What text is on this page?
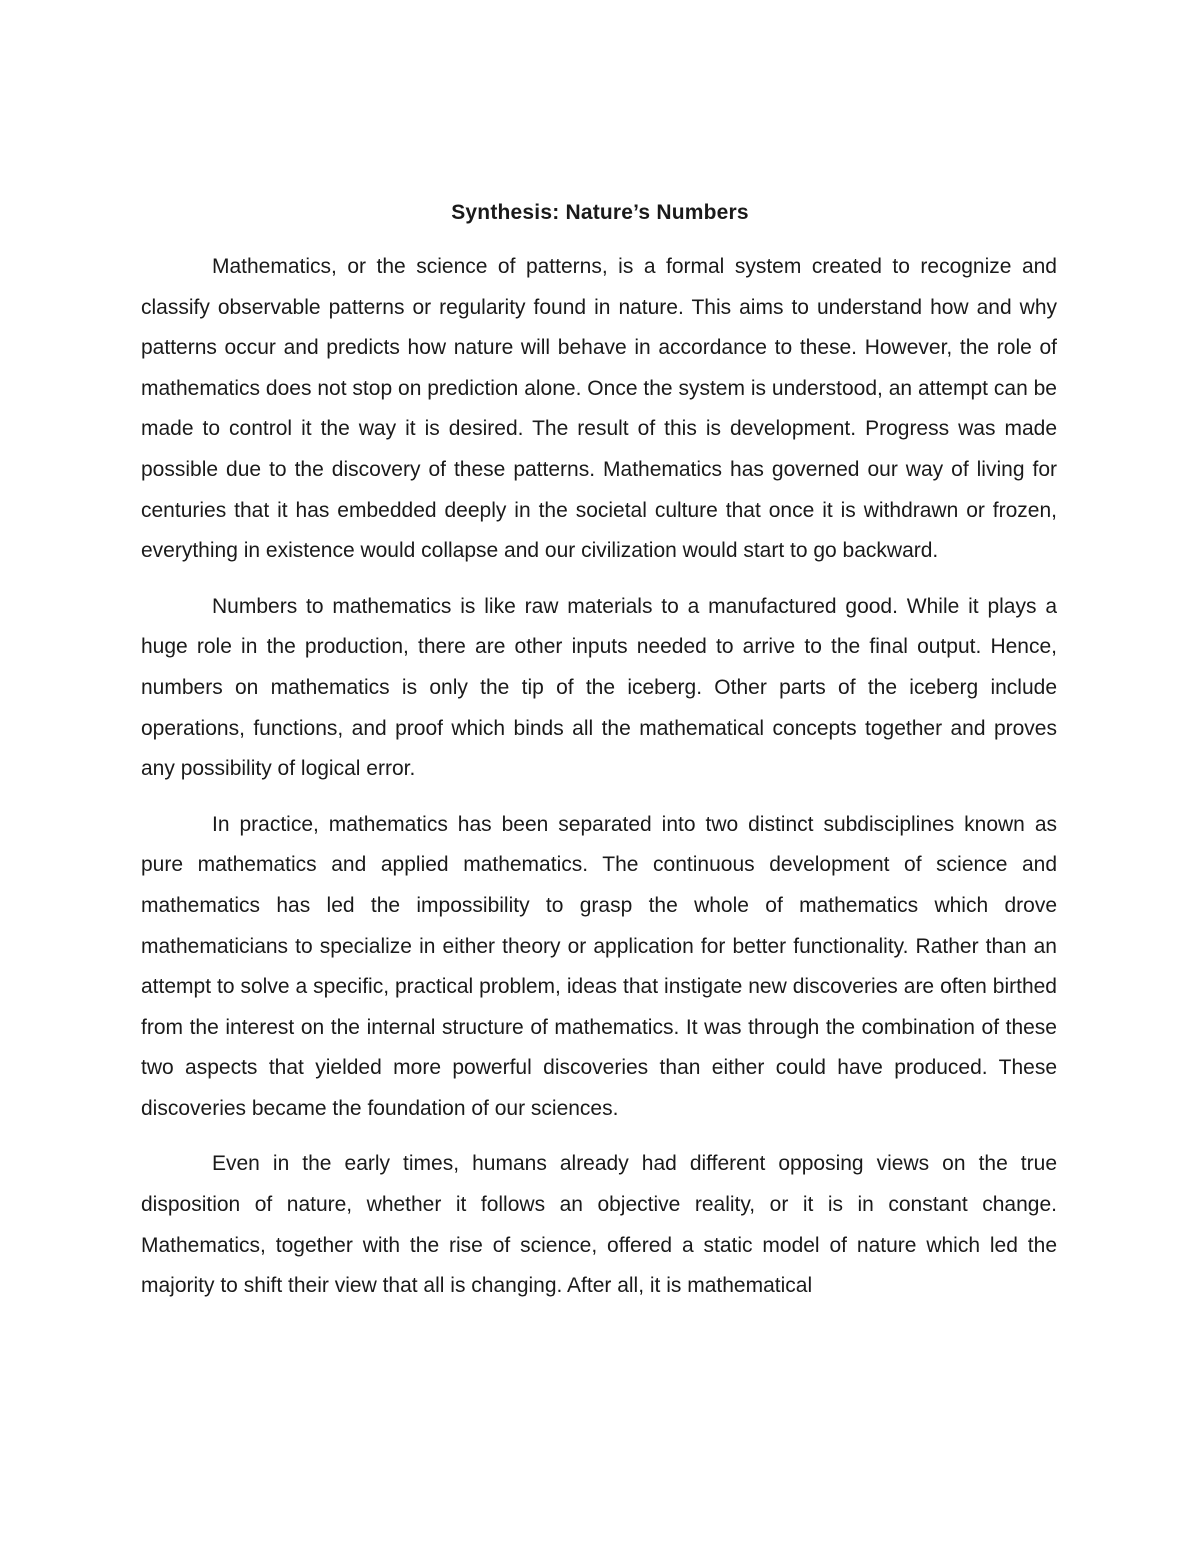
Synthesis: Nature’s Numbers

Mathematics, or the science of patterns, is a formal system created to recognize and classify observable patterns or regularity found in nature. This aims to understand how and why patterns occur and predicts how nature will behave in accordance to these. However, the role of mathematics does not stop on prediction alone. Once the system is understood, an attempt can be made to control it the way it is desired. The result of this is development. Progress was made possible due to the discovery of these patterns. Mathematics has governed our way of living for centuries that it has embedded deeply in the societal culture that once it is withdrawn or frozen, everything in existence would collapse and our civilization would start to go backward.

Numbers to mathematics is like raw materials to a manufactured good. While it plays a huge role in the production, there are other inputs needed to arrive to the final output. Hence, numbers on mathematics is only the tip of the iceberg. Other parts of the iceberg include operations, functions, and proof which binds all the mathematical concepts together and proves any possibility of logical error.

In practice, mathematics has been separated into two distinct subdisciplines known as pure mathematics and applied mathematics. The continuous development of science and mathematics has led the impossibility to grasp the whole of mathematics which drove mathematicians to specialize in either theory or application for better functionality. Rather than an attempt to solve a specific, practical problem, ideas that instigate new discoveries are often birthed from the interest on the internal structure of mathematics. It was through the combination of these two aspects that yielded more powerful discoveries than either could have produced. These discoveries became the foundation of our sciences.

Even in the early times, humans already had different opposing views on the true disposition of nature, whether it follows an objective reality, or it is in constant change. Mathematics, together with the rise of science, offered a static model of nature which led the majority to shift their view that all is changing. After all, it is mathematical
